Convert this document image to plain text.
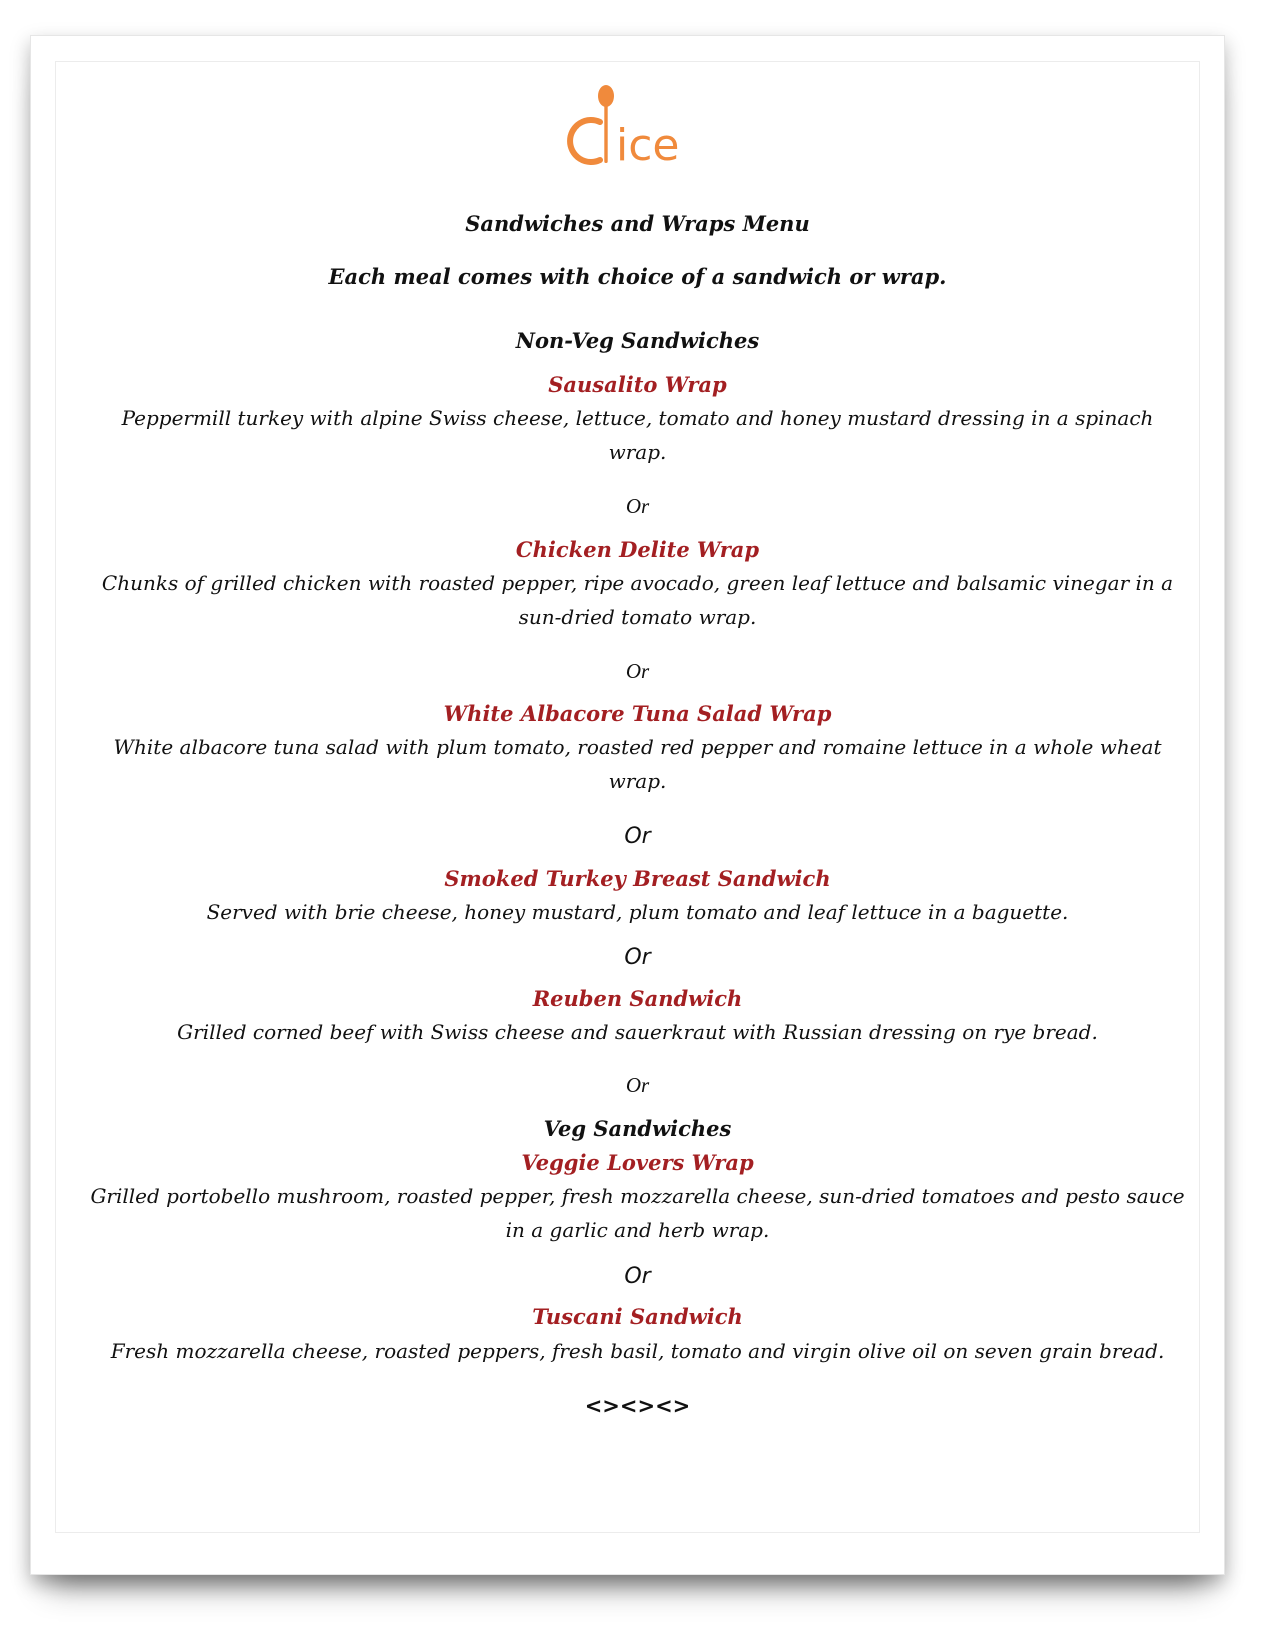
ice
Sandwiches and Wraps Menu
Each meal comes with choice of a sandwich or wrap.
Non-Veg Sandwiches
Sausalito Wrap
Peppermill turkey with alpine Swiss cheese, lettuce, tomato and honey mustard dressing in a spinach
wrap.
Or
Chicken Delite Wrap
Chunks of grilled chicken with roasted pepper, ripe avocado, green leaf lettuce and balsamic vinegar in a
sun-dried tomato wrap.
Or
White Albacore Tuna Salad Wrap
White albacore tuna salad with plum tomato, roasted red pepper and romaine lettuce in a whole wheat
wrap.
Or
Smoked Turkey Breast Sandwich
Served with brie cheese, honey mustard, plum tomato and leaf lettuce in a baguette.
Or
Reuben Sandwich
Grilled corned beef with Swiss cheese and sauerkraut with Russian dressing on rye bread.
Or
Veg Sandwiches
Veggie Lovers Wrap
Grilled portobello mushroom, roasted pepper, fresh mozzarella cheese, sun-dried tomatoes and pesto sauce
in a garlic and herb wrap.
Or
Tuscani Sandwich
Fresh mozzarella cheese, roasted peppers, fresh basil, tomato and virgin olive oil on seven grain bread.
<><><>
